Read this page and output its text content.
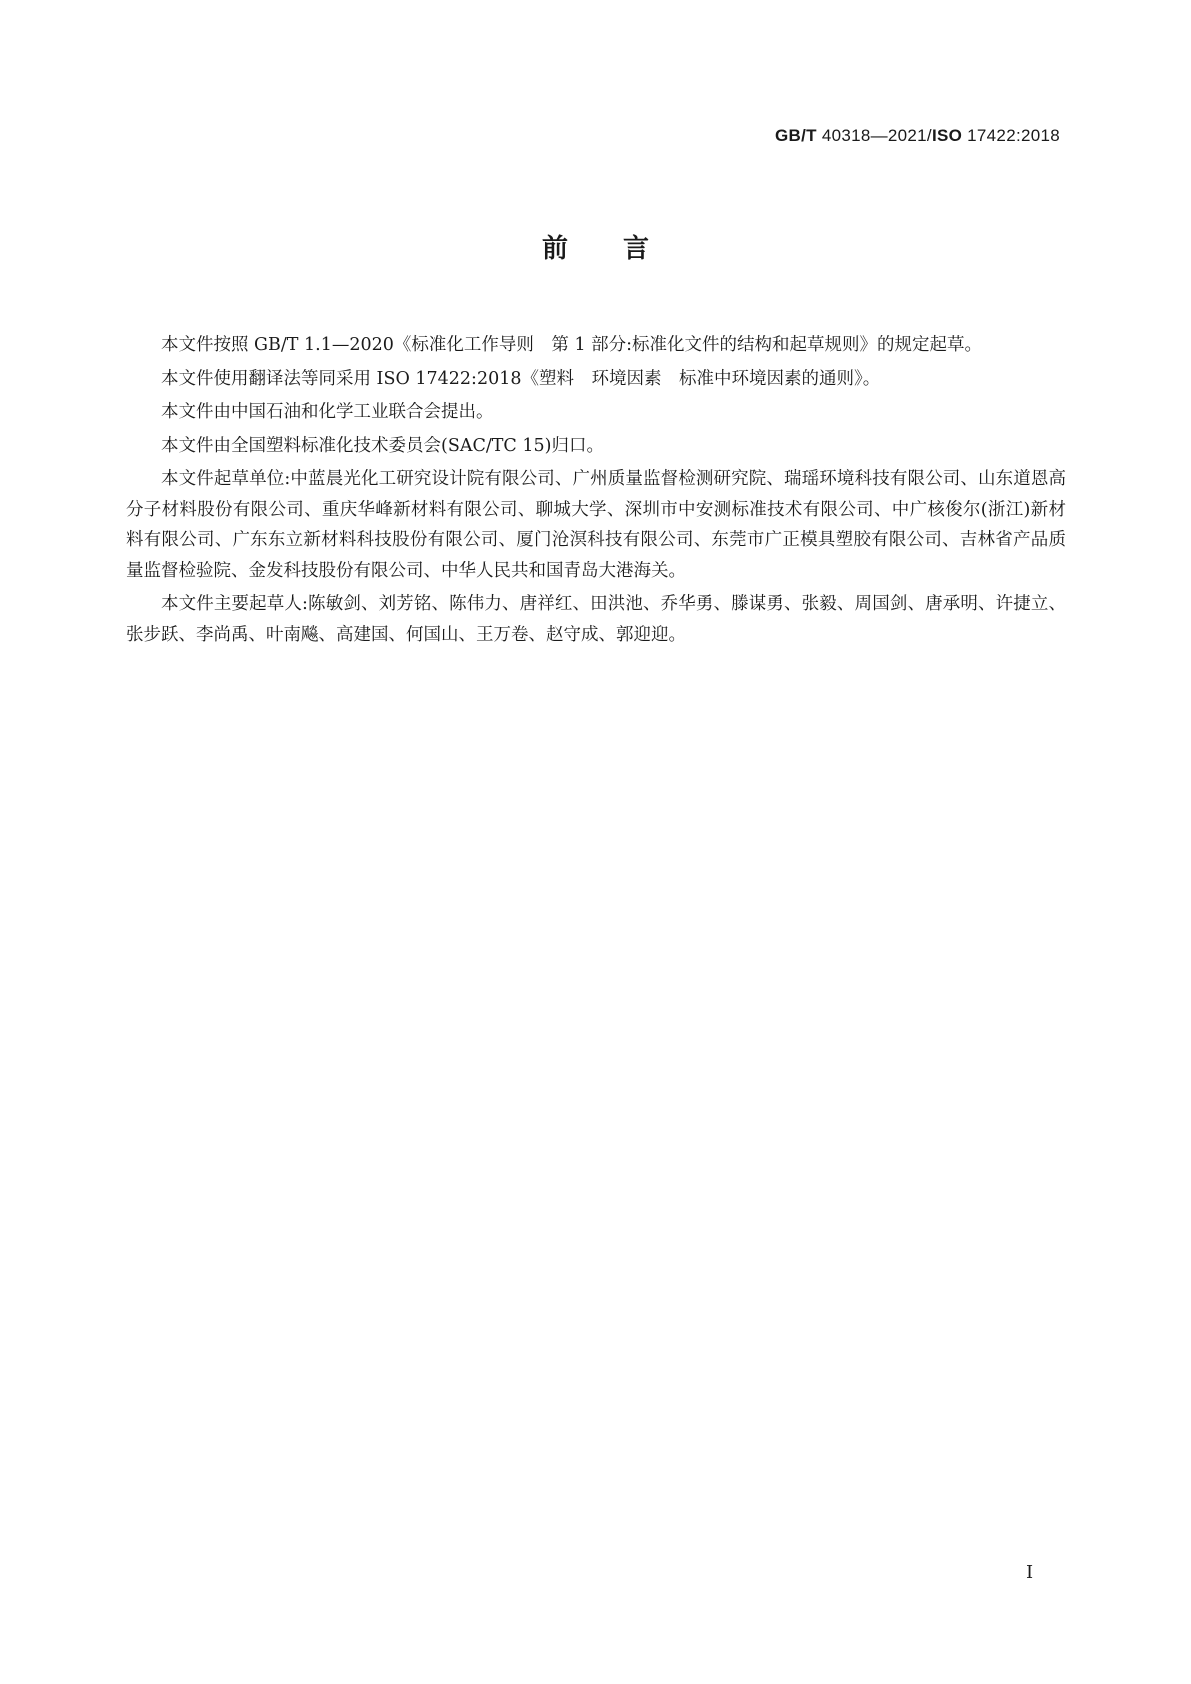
GB/T 40318—2021/ISO 17422:2018
前言

本文件按照 GB/T 1.1—2020《标准化工作导则　第 1 部分:标准化文件的结构和起草规则》的规定起草。

本文件使用翻译法等同采用 ISO 17422:2018《塑料　环境因素　标准中环境因素的通则》。

本文件由中国石油和化学工业联合会提出。

本文件由全国塑料标准化技术委员会(SAC/TC 15)归口。

本文件起草单位:中蓝晨光化工研究设计院有限公司、广州质量监督检测研究院、瑞瑶环境科技有限公司、山东道恩高分子材料股份有限公司、重庆华峰新材料有限公司、聊城大学、深圳市中安测标准技术有限公司、中广核俊尔(浙江)新材料有限公司、广东东立新材料科技股份有限公司、厦门沧溟科技有限公司、东莞市广正模具塑胶有限公司、吉林省产品质量监督检验院、金发科技股份有限公司、中华人民共和国青岛大港海关。

本文件主要起草人:陈敏剑、刘芳铭、陈伟力、唐祥红、田洪池、乔华勇、滕谋勇、张毅、周国剑、唐承明、许捷立、张步跃、李尚禹、叶南飚、高建国、何国山、王万卷、赵守成、郭迎迎。

I
